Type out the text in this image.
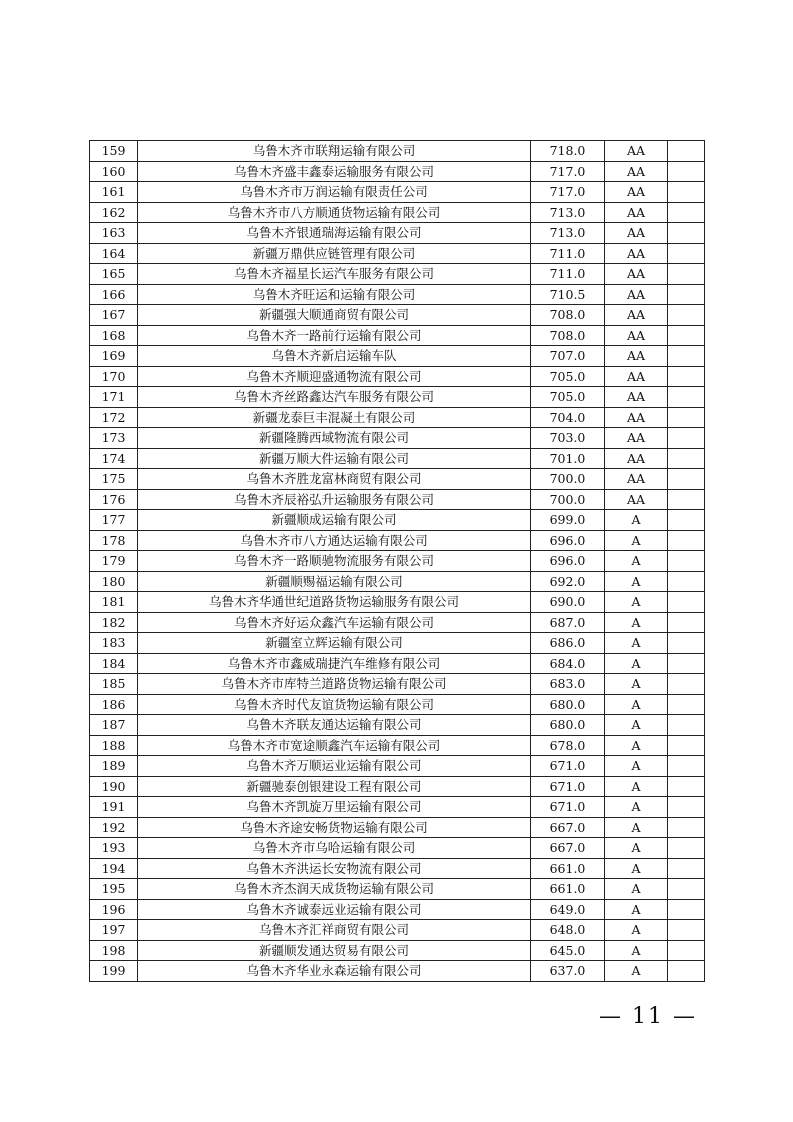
159	乌鲁木齐市联翔运输有限公司	718.0	AA	
160	乌鲁木齐盛丰鑫泰运输服务有限公司	717.0	AA	
161	乌鲁木齐市万润运输有限责任公司	717.0	AA	
162	乌鲁木齐市八方顺通货物运输有限公司	713.0	AA	
163	乌鲁木齐银通瑞海运输有限公司	713.0	AA	
164	新疆万鼎供应链管理有限公司	711.0	AA	
165	乌鲁木齐福星长运汽车服务有限公司	711.0	AA	
166	乌鲁木齐旺运和运输有限公司	710.5	AA	
167	新疆强大顺通商贸有限公司	708.0	AA	
168	乌鲁木齐一路前行运输有限公司	708.0	AA	
169	乌鲁木齐新启运输车队	707.0	AA	
170	乌鲁木齐顺迎盛通物流有限公司	705.0	AA	
171	乌鲁木齐丝路鑫达汽车服务有限公司	705.0	AA	
172	新疆龙泰巨丰混凝土有限公司	704.0	AA	
173	新疆隆腾西域物流有限公司	703.0	AA	
174	新疆万顺大件运输有限公司	701.0	AA	
175	乌鲁木齐胜龙富林商贸有限公司	700.0	AA	
176	乌鲁木齐辰裕弘升运输服务有限公司	700.0	AA	
177	新疆顺成运输有限公司	699.0	A	
178	乌鲁木齐市八方通达运输有限公司	696.0	A	
179	乌鲁木齐一路顺驰物流服务有限公司	696.0	A	
180	新疆顺赐福运输有限公司	692.0	A	
181	乌鲁木齐华通世纪道路货物运输服务有限公司	690.0	A	
182	乌鲁木齐好运众鑫汽车运输有限公司	687.0	A	
183	新疆室立辉运输有限公司	686.0	A	
184	乌鲁木齐市鑫威瑞捷汽车维修有限公司	684.0	A	
185	乌鲁木齐市库特兰道路货物运输有限公司	683.0	A	
186	乌鲁木齐时代友谊货物运输有限公司	680.0	A	
187	乌鲁木齐联友通达运输有限公司	680.0	A	
188	乌鲁木齐市宽途顺鑫汽车运输有限公司	678.0	A	
189	乌鲁木齐万顺运业运输有限公司	671.0	A	
190	新疆驰泰创银建设工程有限公司	671.0	A	
191	乌鲁木齐凯旋万里运输有限公司	671.0	A	
192	乌鲁木齐途安畅货物运输有限公司	667.0	A	
193	乌鲁木齐市乌哈运输有限公司	667.0	A	
194	乌鲁木齐洪运长安物流有限公司	661.0	A	
195	乌鲁木齐杰润天成货物运输有限公司	661.0	A	
196	乌鲁木齐诚泰远业运输有限公司	649.0	A	
197	乌鲁木齐汇祥商贸有限公司	648.0	A	
198	新疆顺发通达贸易有限公司	645.0	A	
199	乌鲁木齐华业永森运输有限公司	637.0	A	
— 11 —
